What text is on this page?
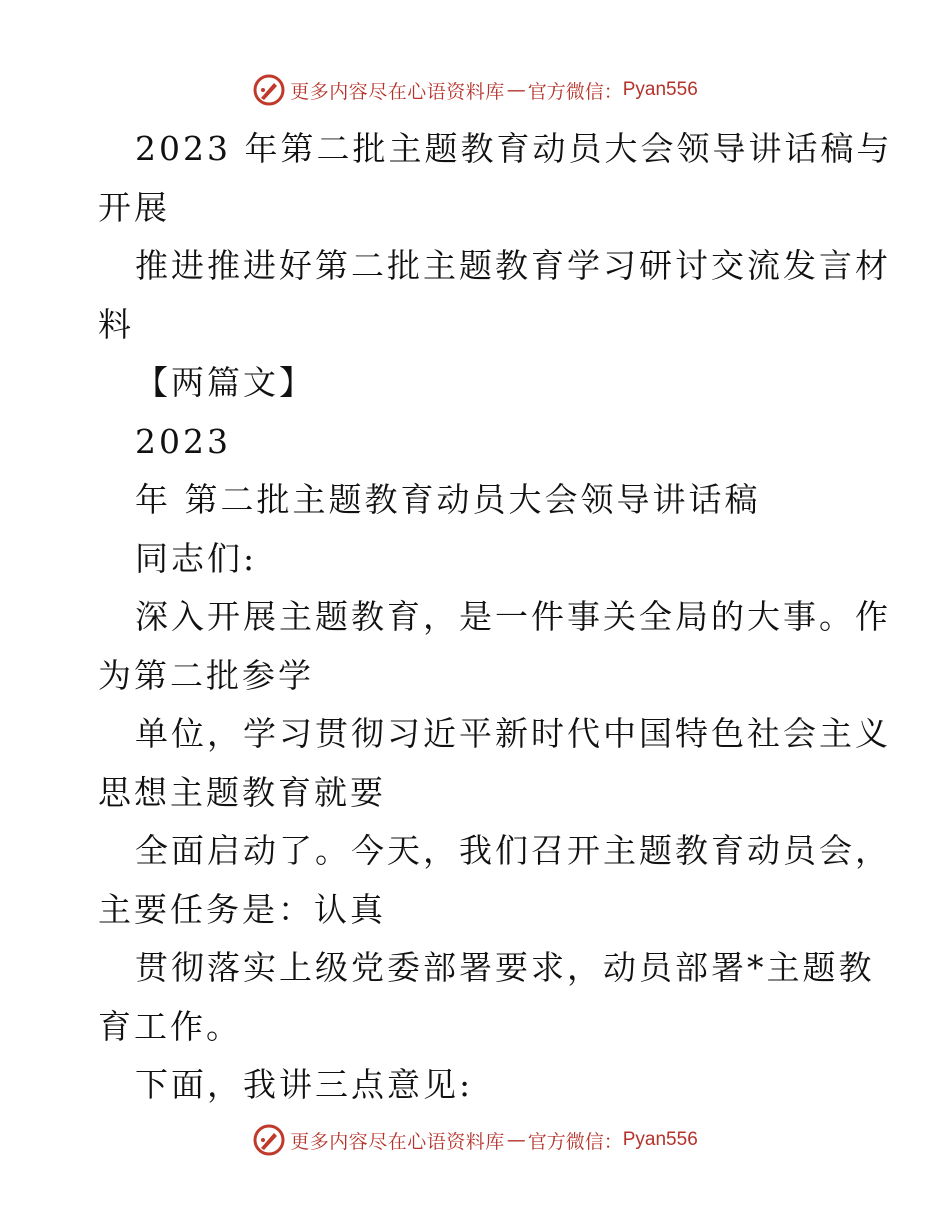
更多内容尽在心语资料库 — 官方微信： Pyan556
2023 年第二批主题教育动员大会领导讲话稿与
开展
推进推进好第二批主题教育学习研讨交流发言材
料
【两篇文】
2023
年 第二批主题教育动员大会领导讲话稿
同志们:
深入开展主题教育，是一件事关全局的大事。作
为第二批参学
单位，学习贯彻习近平新时代中国特色社会主义
思想主题教育就要
全面启动了。今天，我们召开主题教育动员会，
主要任务是：认真
贯彻落实上级党委部署要求，动员部署*主题教
育工作。
下面，我讲三点意见:
更多内容尽在心语资料库 — 官方微信： Pyan556
